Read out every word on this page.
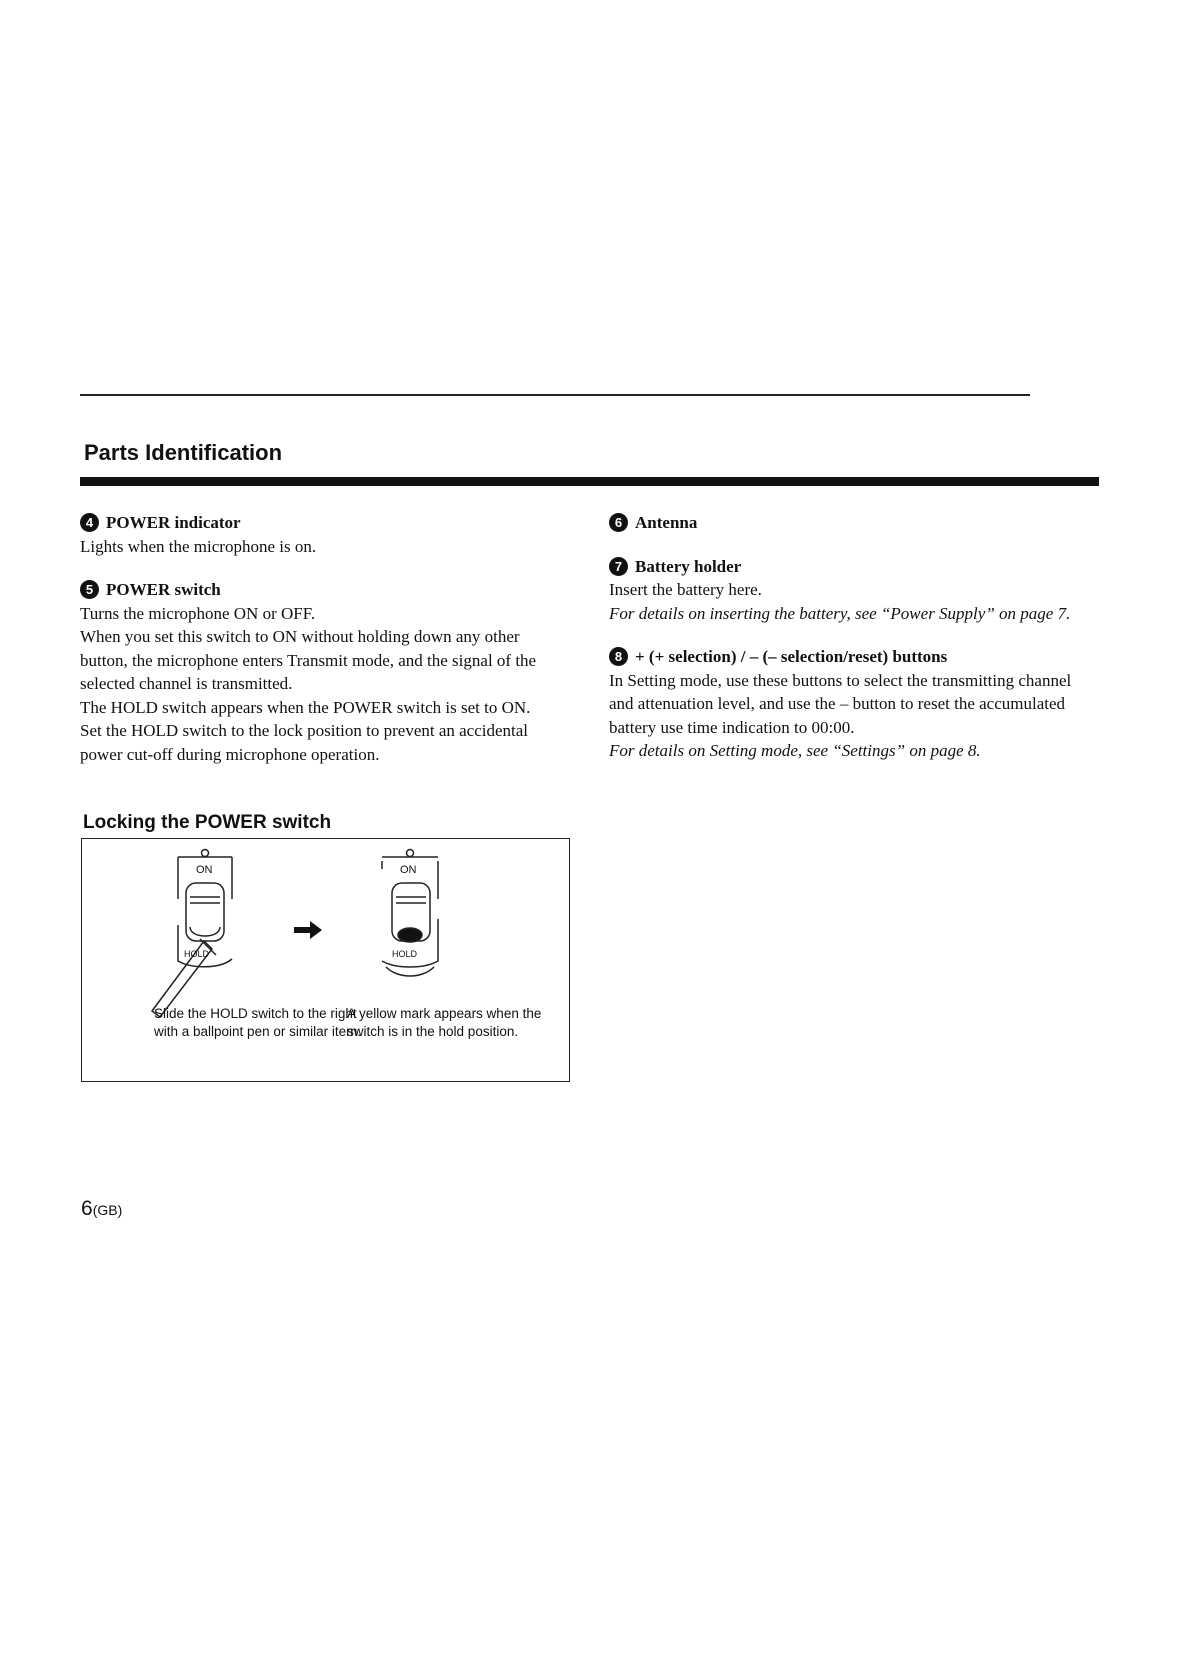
Parts Identification
4 POWER indicator

Lights when the microphone is on.

5 POWER switch

Turns the microphone ON or OFF.

When you set this switch to ON without holding down any other button, the microphone enters Transmit mode, and the signal of the selected channel is transmitted.

The HOLD switch appears when the POWER switch is set to ON.

Set the HOLD switch to the lock position to prevent an accidental power cut-off during microphone operation.

6 Antenna
7 Battery holder

Insert the battery here.

For details on inserting the battery, see “Power Supply” on page 7.

8 + (+ selection) / – (– selection/reset) buttons

In Setting mode, use these buttons to select the transmitting channel and attenuation level, and use the – button to reset the accumulated battery use time indication to 00:00.

For details on Setting mode, see “Settings” on page 8.

Locking the POWER switch
ON	ON
HOLD	HOLD
Slide the HOLD switch to the right with a ballpoint pen or similar item.
A yellow mark appears when the switch is in the hold position.
6(GB)
